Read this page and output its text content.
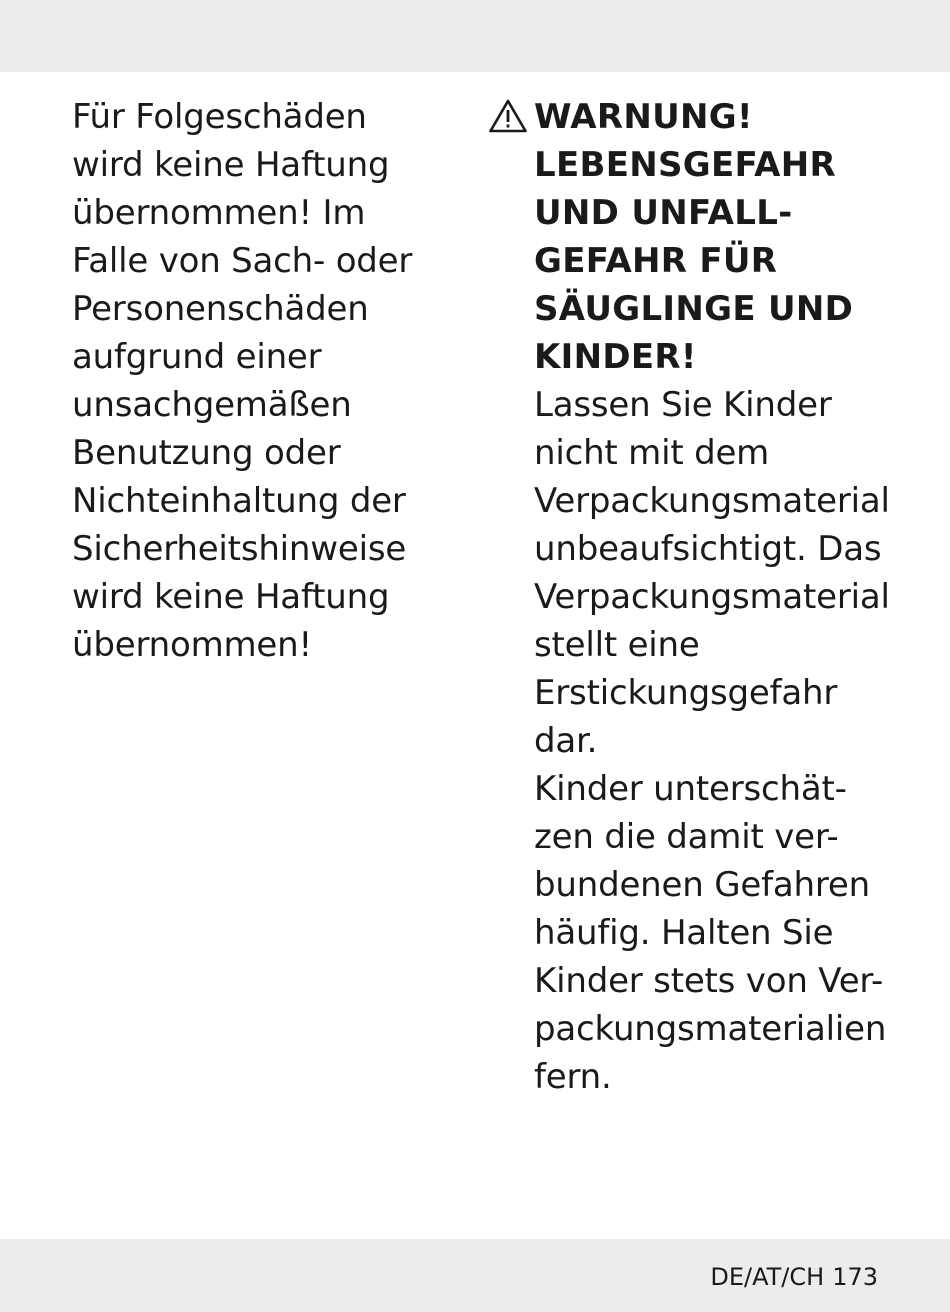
Für Folgeschäden
wird keine Haftung
übernommen! Im
Falle von Sach- oder
Personenschäden
aufgrund einer
unsachgemäßen
Benutzung oder
Nichteinhaltung der
Sicherheitshinweise
wird keine Haftung
übernommen!
WARNUNG!
LEBENSGEFAHR
UND UNFALL-
GEFAHR FÜR
SÄUGLINGE UND
KINDER!
Lassen Sie Kinder
nicht mit dem
Verpackungsmaterial
unbeaufsichtigt. Das
Verpackungsmaterial
stellt eine
Erstickungsgefahr
dar.
Kinder unterschät-
zen die damit ver-
bundenen Gefahren
häufig. Halten Sie
Kinder stets von Ver-
packungsmaterialien
fern.
DE/AT/CH 173
